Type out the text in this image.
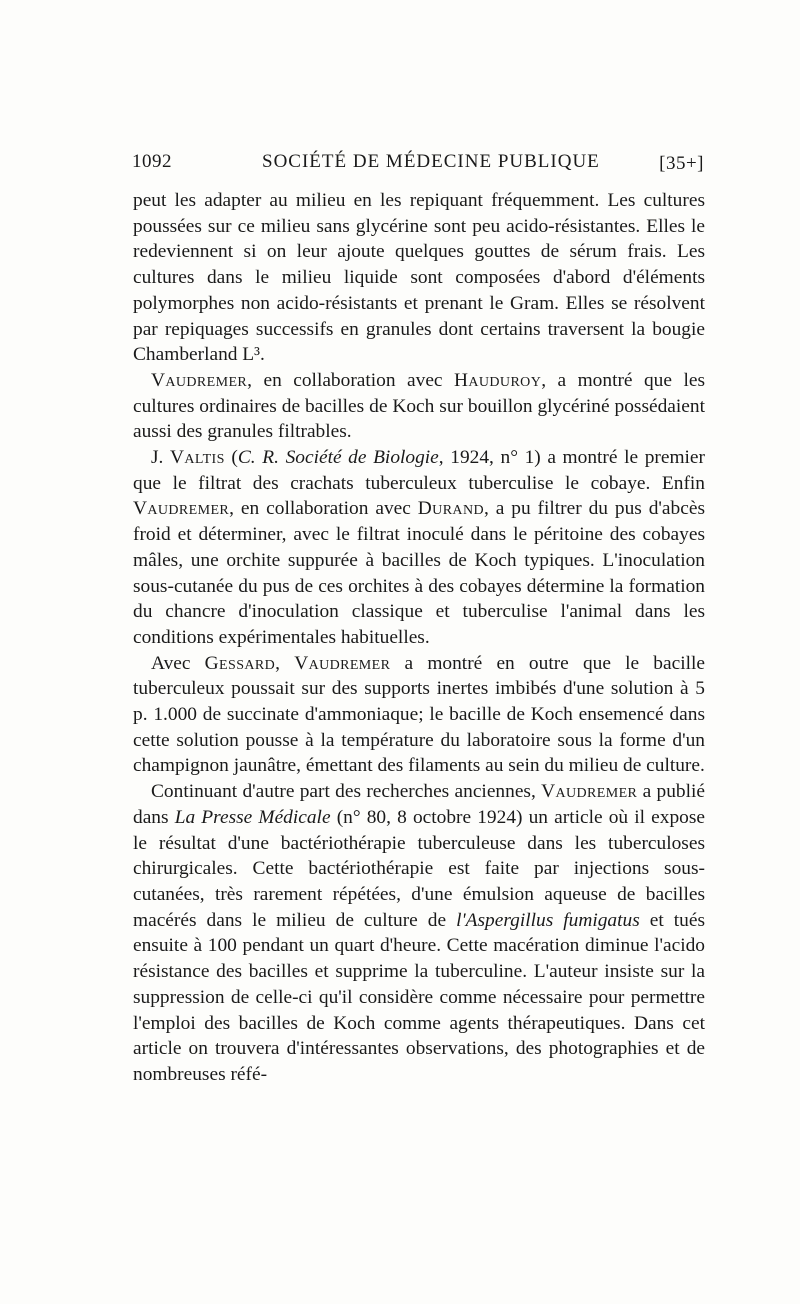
1092	SOCIÉTÉ DE MÉDECINE PUBLIQUE	[35+]

peut les adapter au milieu en les repiquant fréquemment. Les cultures poussées sur ce milieu sans glycérine sont peu acido-résistantes. Elles le redeviennent si on leur ajoute quelques gouttes de sérum frais. Les cultures dans le milieu liquide sont composées d'abord d'éléments polymorphes non acido-résistants et prenant le Gram. Elles se résolvent par repiquages successifs en granules dont certains traversent la bougie Chamberland L³.

Vaudremer, en collaboration avec Hauduroy, a montré que les cultures ordinaires de bacilles de Koch sur bouillon glycériné possédaient aussi des granules filtrables.

J. Valtis (C. R. Société de Biologie, 1924, n° 1) a montré le premier que le filtrat des crachats tuberculeux tuberculise le cobaye. Enfin Vaudremer, en collaboration avec Durand, a pu filtrer du pus d'abcès froid et déterminer, avec le filtrat inoculé dans le péritoine des cobayes mâles, une orchite suppurée à bacilles de Koch typiques. L'inoculation sous-cutanée du pus de ces orchites à des cobayes détermine la formation du chancre d'inoculation classique et tuberculise l'animal dans les conditions expérimentales habituelles.

Avec Gessard, Vaudremer a montré en outre que le bacille tuberculeux poussait sur des supports inertes imbibés d'une solution à 5 p. 1.000 de succinate d'ammoniaque; le bacille de Koch ensemencé dans cette solution pousse à la température du laboratoire sous la forme d'un champignon jaunâtre, émettant des filaments au sein du milieu de culture.

Continuant d'autre part des recherches anciennes, Vaudremer a publié dans La Presse Médicale (n° 80, 8 octobre 1924) un article où il expose le résultat d'une bactériothérapie tuberculeuse dans les tuberculoses chirurgicales. Cette bactériothérapie est faite par injections sous-cutanées, très rarement répétées, d'une émulsion aqueuse de bacilles macérés dans le milieu de culture de l'Aspergillus fumigatus et tués ensuite à 100 pendant un quart d'heure. Cette macération diminue l'acido résistance des bacilles et supprime la tuberculine. L'auteur insiste sur la suppression de celle-ci qu'il considère comme nécessaire pour permettre l'emploi des bacilles de Koch comme agents thérapeutiques. Dans cet article on trouvera d'intéressantes observations, des photographies et de nombreuses réfé-
